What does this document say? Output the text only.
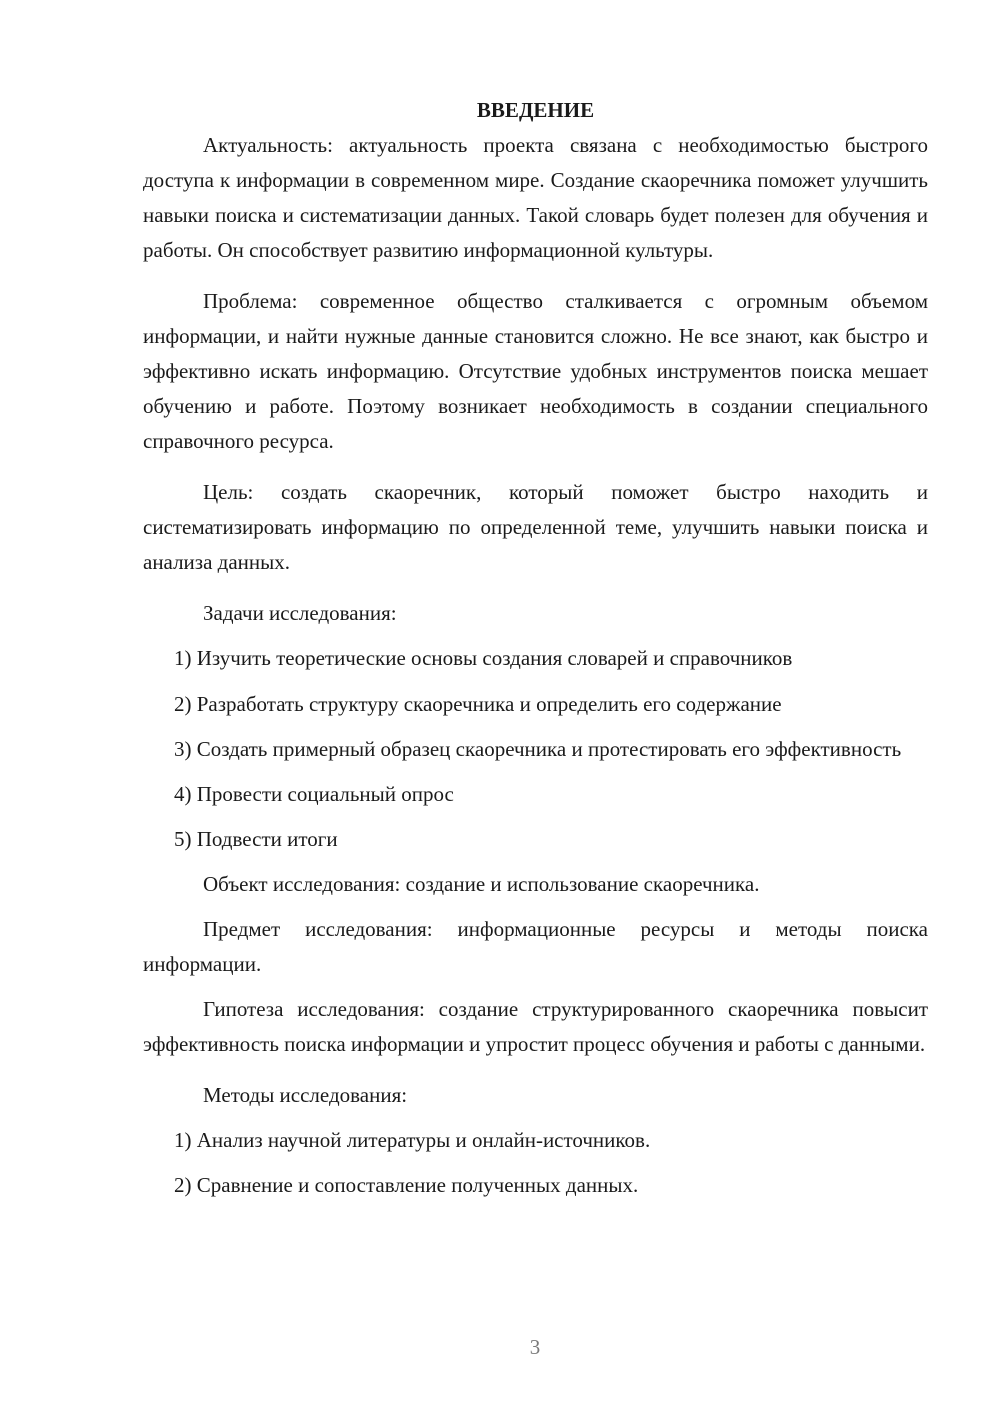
ВВЕДЕНИЕ

Актуальность: актуальность проекта связана с необходимостью быстрого доступа к информации в современном мире. Создание скаоречника поможет улучшить навыки поиска и систематизации данных. Такой словарь будет полезен для обучения и работы. Он способствует развитию информационной культуры.

Проблема: современное общество сталкивается с огромным объемом информации, и найти нужные данные становится сложно. Не все знают, как быстро и эффективно искать информацию. Отсутствие удобных инструментов поиска мешает обучению и работе. Поэтому возникает необходимость в создании специального справочного ресурса.

Цель: создать скаоречник, который поможет быстро находить и систематизировать информацию по определенной теме, улучшить навыки поиска и анализа данных.

Задачи исследования:

1) Изучить теоретические основы создания словарей и справочников

2) Разработать структуру скаоречника и определить его содержание

3) Создать примерный образец скаоречника и протестировать его эффективность

4) Провести социальный опрос

5) Подвести итоги

Объект исследования: создание и использование скаоречника.

Предмет исследования: информационные ресурсы и методы поиска информации.

Гипотеза исследования: создание структурированного скаоречника повысит эффективность поиска информации и упростит процесс обучения и работы с данными.

Методы исследования:

1) Анализ научной литературы и онлайн-источников.

2) Сравнение и сопоставление полученных данных.

3
